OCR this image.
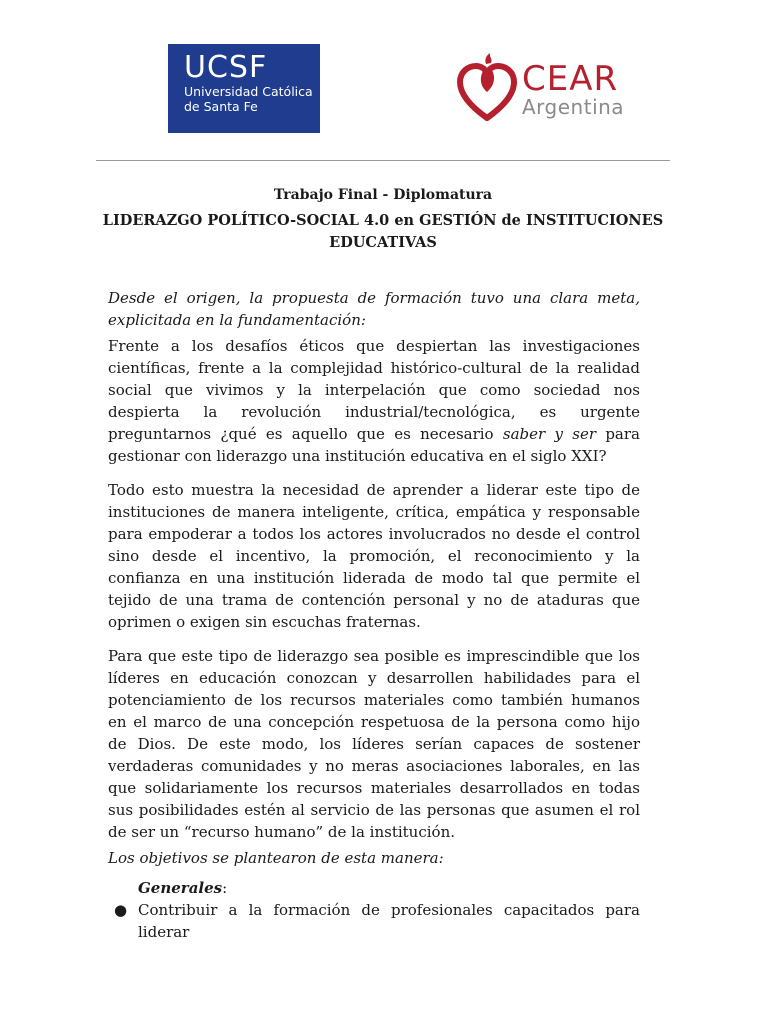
UCSF
Universidad Católica
de Santa Fe
CEAR
Argentina
Trabajo Final - Diplomatura
LIDERAZGO POLÍTICO-SOCIAL 4.0 en GESTIÓN de INSTITUCIONES EDUCATIVAS

Desde el origen, la propuesta de formación tuvo una clara meta, explicitada en la fundamentación:

Frente a los desafíos éticos que despiertan las investigaciones científicas, frente a la complejidad histórico-cultural de la realidad social que vivimos y la interpelación que como sociedad nos despierta la revolución industrial/tecnológica, es urgente preguntarnos ¿qué es aquello que es necesario saber y ser para gestionar con liderazgo una institución educativa en el siglo XXI?

Todo esto muestra la necesidad de aprender a liderar este tipo de instituciones de manera inteligente, crítica, empática y responsable para empoderar a todos los actores involucrados no desde el control sino desde el incentivo, la promoción, el reconocimiento y la confianza en una institución liderada de modo tal que permite el tejido de una trama de contención personal y no de ataduras que oprimen o exigen sin escuchas fraternas.

Para que este tipo de liderazgo sea posible es imprescindible que los líderes en educación conozcan y desarrollen habilidades para el potenciamiento de los recursos materiales como también humanos en el marco de una concepción respetuosa de la persona como hijo de Dios. De este modo, los líderes serían capaces de sostener verdaderas comunidades y no meras asociaciones laborales, en las que solidariamente los recursos materiales desarrollados en todas sus posibilidades estén al servicio de las personas que asumen el rol de ser un “recurso humano” de la institución.

Los objetivos se plantearon de esta manera:

Generales:
● Contribuir a la formación de profesionales capacitados para liderar
